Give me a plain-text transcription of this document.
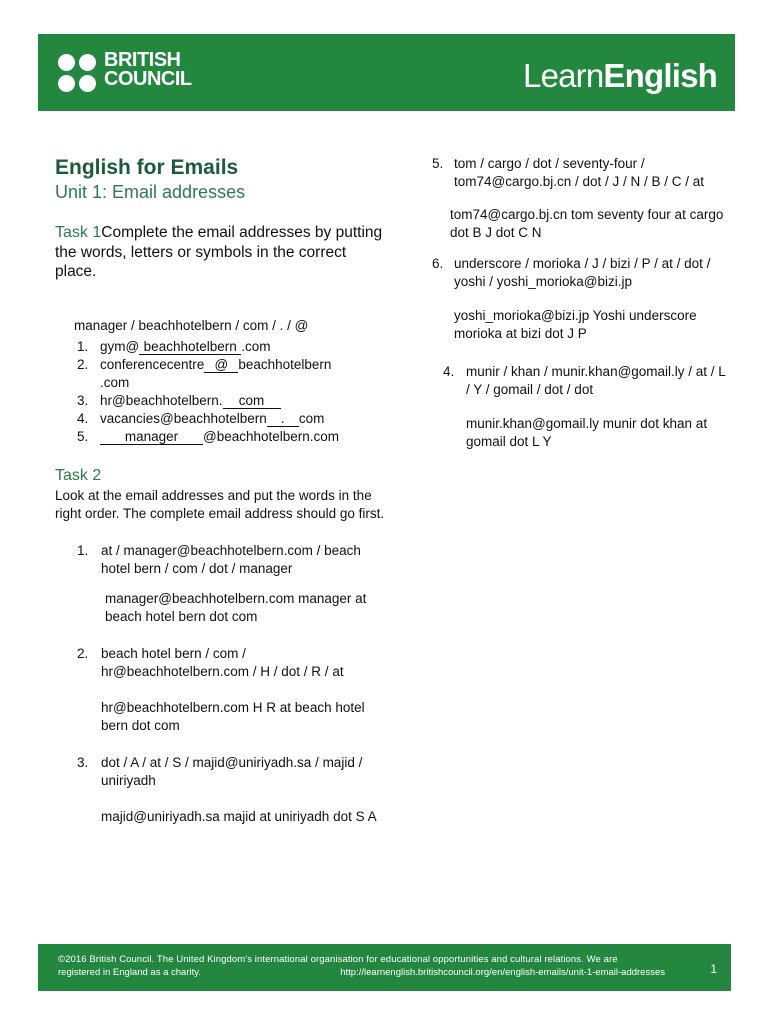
BRITISH
COUNCIL	LearnEnglish
English for Emails
Unit 1: Email addresses
Task 1Complete the email addresses by putting the words, letters or symbols in the correct place.
manager / beachhotelbern / com / . / @
1. gym@ beachhotelbern .com
2. conferencecentre @ beachhotelbern
.com
3. hr@beachhotelbern. com
4. vacancies@beachhotelbern . com
5.	manager @beachhotelbern.com
Task 2
Look at the email addresses and put the words in the right order. The complete email address should go first.
1. at / manager@beachhotelbern.com / beach hotel bern / com / dot / manager
manager@beachhotelbern.com manager at beach hotel bern dot com
2. beach hotel bern / com / hr@beachhotelbern.com / H / dot / R / at
hr@beachhotelbern.com H R at beach hotel bern dot com
3. dot / A / at / S / majid@uniriyadh.sa / majid / uniriyadh
majid@uniriyadh.sa majid at uniriyadh dot S A
5. tom / cargo / dot / seventy-four / tom74@cargo.bj.cn / dot / J / N / B / C / at
tom74@cargo.bj.cn tom seventy four at cargo dot B J dot C N
6. underscore / morioka / J / bizi / P / at / dot / yoshi / yoshi_morioka@bizi.jp
yoshi_morioka@bizi.jp Yoshi underscore morioka at bizi dot J P
4. munir / khan / munir.khan@gomail.ly / at / L / Y / gomail / dot / dot
munir.khan@gomail.ly munir dot khan at gomail dot L Y
©2016 British Council. The United Kingdom's international organisation for educational opportunities and cultural relations. We are
registered in England as a charity.	http://learnenglish.britishcouncil.org/en/english-emails/unit-1-email-addresses	1
